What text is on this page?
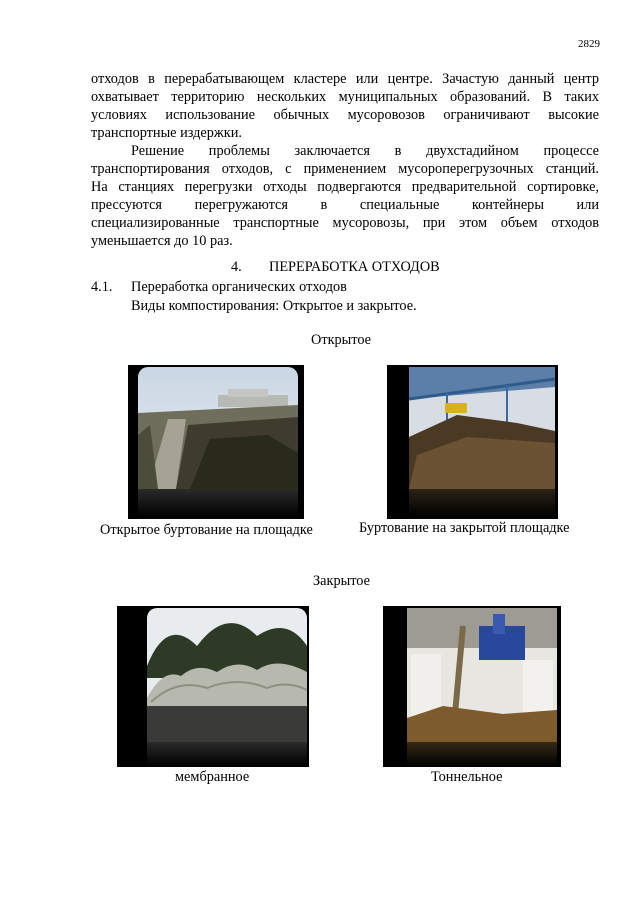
2829
отходов в перерабатывающем кластере или центре. Зачастую данный центр
охватывает территорию нескольких муниципальных образований. В таких
условиях использование обычных мусоровозов ограничивают высокие
транспортные издержки.
Решение проблемы заключается в двухстадийном процессе
транспортирования отходов, с применением мусороперегрузочных станций.
На станциях перегрузки отходы подвергаются предварительной сортировке,
прессуются перегружаются в специальные контейнеры или
специализированные транспортные мусоровозы, при этом объем отходов
уменьшается до 10 раз.
4. ПЕРЕРАБОТКА ОТХОДОВ
4.1. Переработка органических отходов
Виды компостирования: Открытое и закрытое.
Открытое
Открытое буртование на площадке	Буртование на закрытой площадке
Закрытое
мембранное	Тоннельное
